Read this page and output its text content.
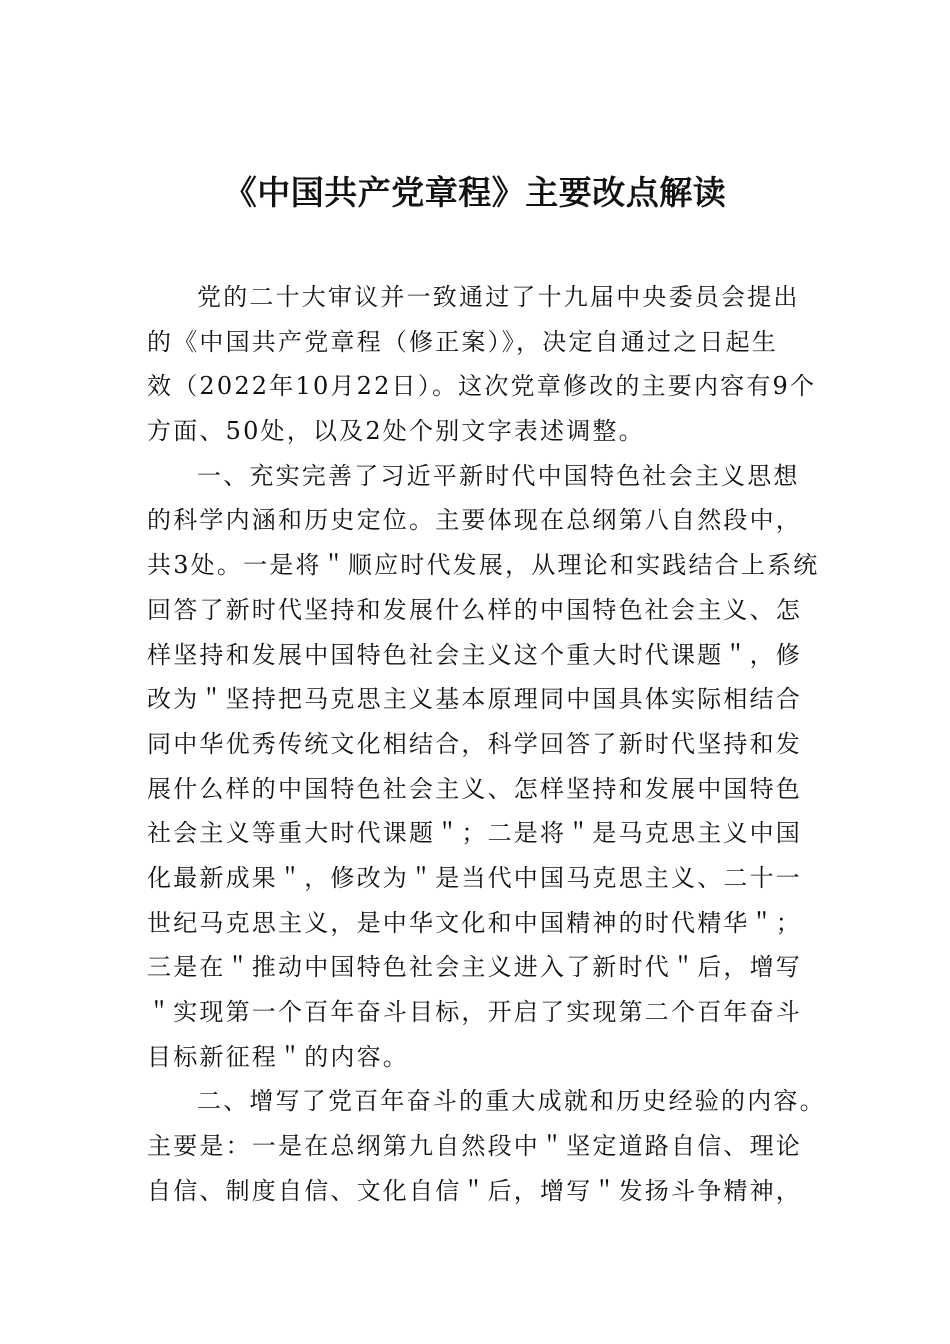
《中国共产党章程》主要改点解读
党的二十大审议并一致通过了十九届中央委员会提出
的《中国共产党章程（修正案）》，决定自通过之日起生
效（2022年10月22日）。这次党章修改的主要内容有9个
方面、50处，以及2处个别文字表述调整。
一、充实完善了习近平新时代中国特色社会主义思想
的科学内涵和历史定位。主要体现在总纲第八自然段中，
共3处。一是将＂顺应时代发展，从理论和实践结合上系统
回答了新时代坚持和发展什么样的中国特色社会主义、怎
样坚持和发展中国特色社会主义这个重大时代课题＂，修
改为＂坚持把马克思主义基本原理同中国具体实际相结合
同中华优秀传统文化相结合，科学回答了新时代坚持和发
展什么样的中国特色社会主义、怎样坚持和发展中国特色
社会主义等重大时代课题＂；二是将＂是马克思主义中国
化最新成果＂，修改为＂是当代中国马克思主义、二十一
世纪马克思主义，是中华文化和中国精神的时代精华＂；
三是在＂推动中国特色社会主义进入了新时代＂后，增写
＂实现第一个百年奋斗目标，开启了实现第二个百年奋斗
目标新征程＂的内容。
二、增写了党百年奋斗的重大成就和历史经验的内容。
主要是：一是在总纲第九自然段中＂坚定道路自信、理论
自信、制度自信、文化自信＂后，增写＂发扬斗争精神，
